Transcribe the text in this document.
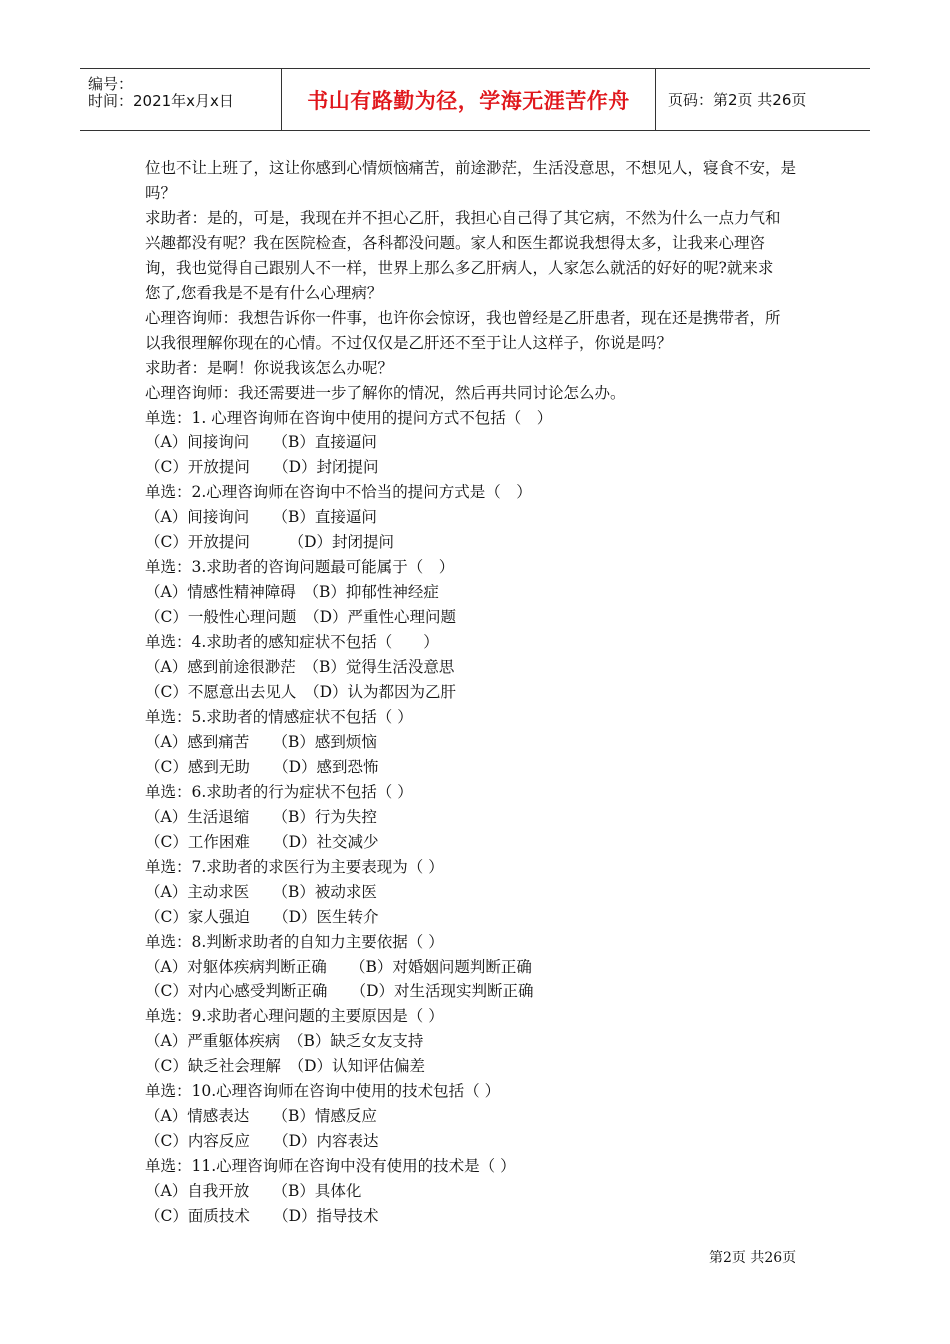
编号：
时间：2021年x月x日	书山有路勤为径，学海无涯苦作舟	页码：第2页 共26页
位也不让上班了，这让你感到心情烦恼痛苦，前途渺茫，生活没意思，不想见人，寝食不安，是
吗？
求助者：是的，可是，我现在并不担心乙肝，我担心自己得了其它病，不然为什么一点力气和
兴趣都没有呢？我在医院检查，各科都没问题。家人和医生都说我想得太多，让我来心理咨
询，我也觉得自己跟别人不一样，世界上那么多乙肝病人，人家怎么就活的好好的呢?就来求
您了,您看我是不是有什么心理病？
心理咨询师：我想告诉你一件事，也许你会惊讶，我也曾经是乙肝患者，现在还是携带者，所
以我很理解你现在的心情。不过仅仅是乙肝还不至于让人这样子，你说是吗？
求助者：是啊！你说我该怎么办呢？
心理咨询师：我还需要进一步了解你的情况，然后再共同讨论怎么办。
单选：1. 心理咨询师在咨询中使用的提问方式不包括（　）
（A）间接询问　　（B）直接逼问
（C）开放提问　　（D）封闭提问
单选：2.心理咨询师在咨询中不恰当的提问方式是（　）
（A）间接询问　　（B）直接逼问
（C）开放提问　　　（D）封闭提问
单选：3.求助者的咨询问题最可能属于（　）
（A）情感性精神障碍　（B）抑郁性神经症
（C）一般性心理问题　（D）严重性心理问题
单选：4.求助者的感知症状不包括（　　）
（A）感到前途很渺茫　（B）觉得生活没意思
（C）不愿意出去见人　（D）认为都因为乙肝
单选：5.求助者的情感症状不包括（ ）
（A）感到痛苦　　（B）感到烦恼
（C）感到无助　　（D）感到恐怖
单选：6.求助者的行为症状不包括（ ）
（A）生活退缩　　（B）行为失控
（C）工作困难　　（D）社交减少
单选：7.求助者的求医行为主要表现为（ ）
（A）主动求医　　（B）被动求医
（C）家人强迫　　（D）医生转介
单选：8.判断求助者的自知力主要依据（ ）
（A）对躯体疾病判断正确　　（B）对婚姻问题判断正确
（C）对内心感受判断正确　　（D）对生活现实判断正确
单选：9.求助者心理问题的主要原因是（ ）
（A）严重躯体疾病　（B）缺乏女友支持
（C）缺乏社会理解　（D）认知评估偏差
单选：10.心理咨询师在咨询中使用的技术包括（ ）
（A）情感表达　　（B）情感反应
（C）内容反应　　（D）内容表达
单选：11.心理咨询师在咨询中没有使用的技术是（ ）
（A）自我开放　　（B）具体化
（C）面质技术　　（D）指导技术
第2页 共26页
